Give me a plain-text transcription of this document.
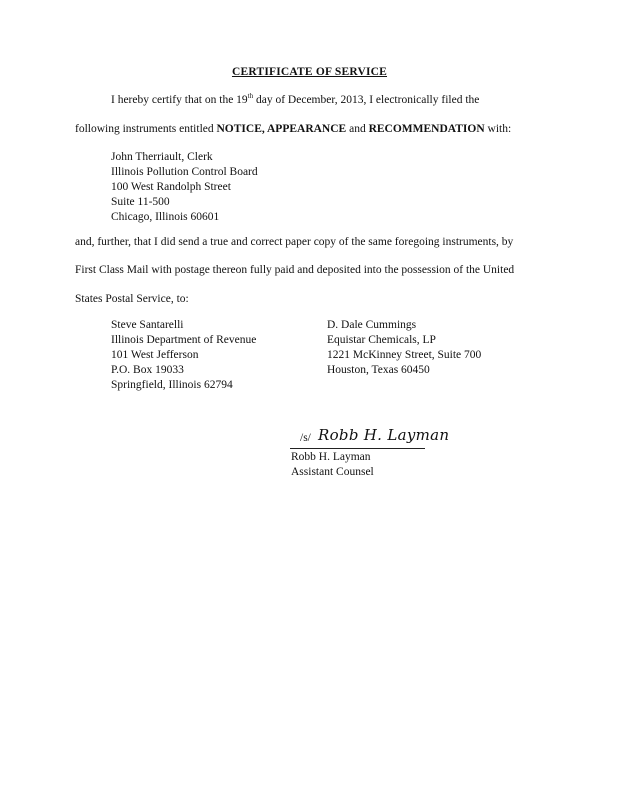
CERTIFICATE OF SERVICE
I hereby certify that on the 19th day of December, 2013, I electronically filed the
following instruments entitled NOTICE, APPEARANCE and RECOMMENDATION with:
John Therriault, Clerk
Illinois Pollution Control Board
100 West Randolph Street
Suite 11-500
Chicago, Illinois 60601
and, further, that I did send a true and correct paper copy of the same foregoing instruments, by
First Class Mail with postage thereon fully paid and deposited into the possession of the United
States Postal Service, to:
Steve Santarelli
Illinois Department of Revenue
101 West Jefferson
P.O. Box 19033
Springfield, Illinois 62794
D. Dale Cummings
Equistar Chemicals, LP
1221 McKinney Street, Suite 700
Houston, Texas 60450
/s/ Robb H. Layman
Robb H. Layman
Assistant Counsel
